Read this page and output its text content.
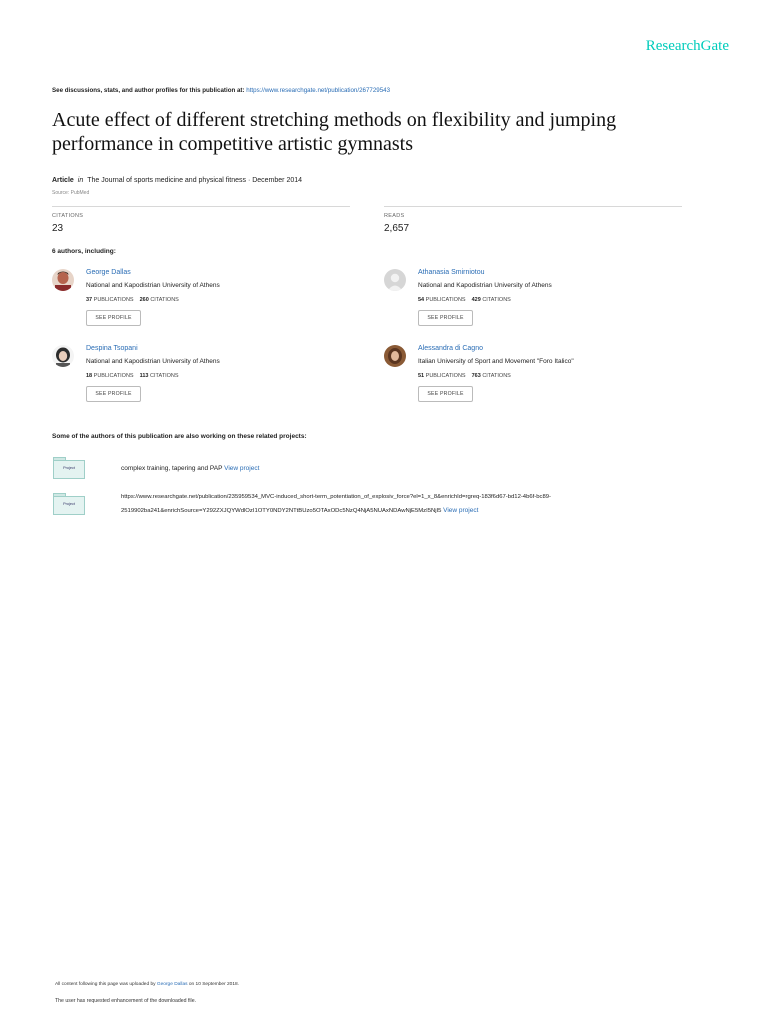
ResearchGate
See discussions, stats, and author profiles for this publication at: https://www.researchgate.net/publication/267729543
Acute effect of different stretching methods on flexibility and jumping performance in competitive artistic gymnasts
Article in The Journal of sports medicine and physical fitness · December 2014
Source: PubMed
CITATIONS
23
READS
2,657
6 authors, including:
George Dallas
National and Kapodistrian University of Athens
37 PUBLICATIONS 260 CITATIONS
SEE PROFILE
Athanasia Smirniotou
National and Kapodistrian University of Athens
54 PUBLICATIONS 429 CITATIONS
SEE PROFILE
Despina Tsopani
National and Kapodistrian University of Athens
18 PUBLICATIONS 113 CITATIONS
SEE PROFILE
Alessandra di Cagno
Italian University of Sport and Movement "Foro Italico"
51 PUBLICATIONS 763 CITATIONS
SEE PROFILE
Some of the authors of this publication are also working on these related projects:
Project	complex training, tapering and PAP View project
Project
https://www.researchgate.net/publication/235959534_MVC-induced_short-term_potentiation_of_explosiv_force?el=1_x_8&enrichId=rgreq-183f6d67-bd12-4b6f-bc89-
2519902ba241&enrichSource=Y292ZXJQYWdlOzI1OTY0NDY2NTtBUzo5OTAxODc5NzQ4NjA5NUAxNDAwNjE5MzI5NjI5 View project
All content following this page was uploaded by George Dallas on 10 September 2018.
The user has requested enhancement of the downloaded file.
